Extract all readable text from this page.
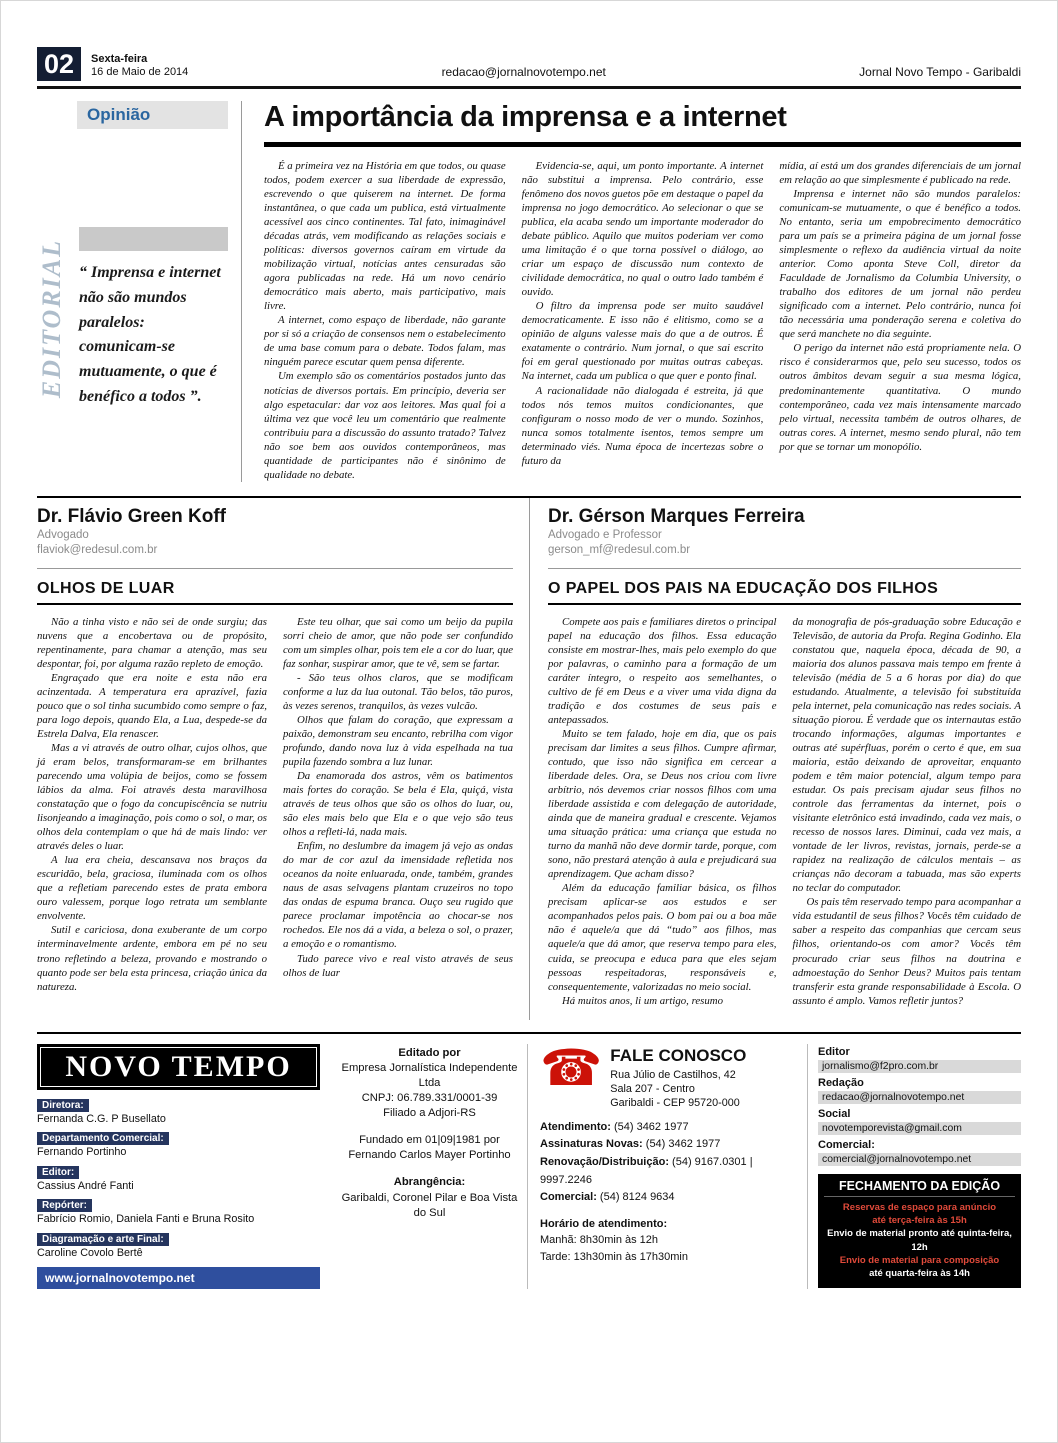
02	Sexta-feira
16 de Maio de 2014	redacao@jornalnovotempo.net	Jornal Novo Tempo - Garibaldi
Opinião
EDITORIAL “ Imprensa e internet não são mundos paralelos: comunicam-se mutuamente, o que é benéfico a todos ”.
A importância da imprensa e a internet

É a primeira vez na História em que todos, ou quase todos, podem exercer a sua liberdade de expressão, escrevendo o que quiserem na internet. De forma instantânea, o que cada um publica, está virtualmente acessível aos cinco continentes. Tal fato, inimaginável décadas atrás, vem modificando as relações sociais e políticas: diversos governos caíram em virtude da mobilização virtual, notícias antes censuradas são agora publicadas na rede. Há um novo cenário democrático mais aberto, mais participativo, mais livre.

A internet, como espaço de liberdade, não garante por si só a criação de consensos nem o estabelecimento de uma base comum para o debate. Todos falam, mas ninguém parece escutar quem pensa diferente.

Um exemplo são os comentários postados junto das notícias de diversos portais. Em princípio, deveria ser algo espetacular: dar voz aos leitores. Mas qual foi a última vez que você leu um comentário que realmente contribuiu para a discussão do assunto tratado? Talvez não soe bem aos ouvidos contemporâneos, mas quantidade de participantes não é sinônimo de qualidade no debate.

Evidencia-se, aqui, um ponto importante. A internet não substitui a imprensa. Pelo contrário, esse fenômeno dos novos guetos põe em destaque o papel da imprensa no jogo democrático. Ao selecionar o que se publica, ela acaba sendo um importante moderador do debate público. Aquilo que muitos poderiam ver como uma limitação é o que torna possível o diálogo, ao criar um espaço de discussão num contexto de civilidade democrática, no qual o outro lado também é ouvido.

O filtro da imprensa pode ser muito saudável democraticamente. E isso não é elitismo, como se a opinião de alguns valesse mais do que a de outros. É exatamente o contrário. Num jornal, o que sai escrito foi em geral questionado por muitas outras cabeças. Na internet, cada um publica o que quer e ponto final.

A racionalidade não dialogada é estreita, já que todos nós temos muitos condicionantes, que configuram o nosso modo de ver o mundo. Sozinhos, nunca somos totalmente isentos, temos sempre um determinado viés. Numa época de incertezas sobre o futuro da

mídia, aí está um dos grandes diferenciais de um jornal em relação ao que simplesmente é publicado na rede.

Imprensa e internet não são mundos paralelos: comunicam-se mutuamente, o que é benéfico a todos. No entanto, seria um empobrecimento democrático para um país se a primeira página de um jornal fosse simplesmente o reflexo da audiência virtual da noite anterior. Como aponta Steve Coll, diretor da Faculdade de Jornalismo da Columbia University, o trabalho dos editores de um jornal não perdeu significado com a internet. Pelo contrário, nunca foi tão necessária uma ponderação serena e coletiva do que será manchete no dia seguinte.

O perigo da internet não está propriamente nela. O risco é considerarmos que, pelo seu sucesso, todos os outros âmbitos devam seguir a sua mesma lógica, predominantemente quantitativa. O mundo contemporâneo, cada vez mais intensamente marcado pelo virtual, necessita também de outros olhares, de outras cores. A internet, mesmo sendo plural, não tem por que se tornar um monopólio.

Dr. Flávio Green Koff
Advogado
flaviok@redesul.com.br
OLHOS DE LUAR

Não a tinha visto e não sei de onde surgiu; das nuvens que a encobertava ou de propósito, repentinamente, para chamar a atenção, mas seu despontar, foi, por alguma razão repleto de emoção.

Engraçado que era noite e esta não era acinzentada. A temperatura era aprazível, fazia pouco que o sol tinha sucumbido como sempre o faz, para logo depois, quando Ela, a Lua, despede-se da Estrela Dalva, Ela renascer.

Mas a vi através de outro olhar, cujos olhos, que já eram belos, transformaram-se em brilhantes parecendo uma volúpia de beijos, como se fossem lábios da alma. Foi através desta maravilhosa constatação que o fogo da concupiscência se nutriu lisonjeando a imaginação, pois como o sol, o mar, os olhos dela contemplam o que há de mais lindo: ver através deles o luar.

A lua era cheia, descansava nos braços da escuridão, bela, graciosa, iluminada com os olhos que a refletiam parecendo estes de prata embora ouro valessem, porque logo retrata um semblante envolvente.

Sutil e cariciosa, dona exuberante de um corpo interminavelmente ardente, embora em pé no seu trono refletindo a beleza, provando e mostrando o quanto pode ser bela esta princesa, criação única da natureza.

Este teu olhar, que sai como um beijo da pupila sorri cheio de amor, que não pode ser confundido com um simples olhar, pois tem ele a cor do luar, que faz sonhar, suspirar amor, que te vê, sem se fartar.

- São teus olhos claros, que se modificam conforme a luz da lua outonal. Tão belos, tão puros, às vezes serenos, tranquilos, às vezes vulcão.

Olhos que falam do coração, que expressam a paixão, demonstram seu encanto, rebrilha com vigor profundo, dando nova luz à vida espelhada na tua pupila fazendo sombra a luz lunar.

Da enamorada dos astros, vêm os batimentos mais fortes do coração. Se bela é Ela, quiçá, vista através de teus olhos que são os olhos do luar, ou, são eles mais belo que Ela e o que vejo são teus olhos a refleti-lá, nada mais.

Enfim, no deslumbre da imagem já vejo as ondas do mar de cor azul da imensidade refletida nos oceanos da noite enluarada, onde, também, grandes naus de asas selvagens plantam cruzeiros no topo das ondas de espuma branca. Ouço seu rugido que parece proclamar impotência ao chocar-se nos rochedos. Ele nos dá a vida, a beleza o sol, o prazer, a emoção e o romantismo.

Tudo parece vivo e real visto através de seus olhos de luar

Dr. Gérson Marques Ferreira
Advogado e Professor
gerson_mf@redesul.com.br
O PAPEL DOS PAIS NA EDUCAÇÃO DOS FILHOS

Compete aos pais e familiares diretos o principal papel na educação dos filhos. Essa educação consiste em mostrar-lhes, mais pelo exemplo do que por palavras, o caminho para a formação de um caráter íntegro, o respeito aos semelhantes, o cultivo de fé em Deus e a viver uma vida digna da tradição e dos costumes de seus pais e antepassados.

Muito se tem falado, hoje em dia, que os pais precisam dar limites a seus filhos. Cumpre afirmar, contudo, que isso não significa em cercear a liberdade deles. Ora, se Deus nos criou com livre arbítrio, nós devemos criar nossos filhos com uma liberdade assistida e com delegação de autoridade, ainda que de maneira gradual e crescente. Vejamos uma situação prática: uma criança que estuda no turno da manhã não deve dormir tarde, porque, com sono, não prestará atenção à aula e prejudicará sua aprendizagem. Que acham disso?

Além da educação familiar básica, os filhos precisam aplicar-se aos estudos e ser acompanhados pelos pais. O bom pai ou a boa mãe não é aquele/a que dá “tudo” aos filhos, mas aquele/a que dá amor, que reserva tempo para eles, cuida, se preocupa e educa para que eles sejam pessoas respeitadoras, responsáveis e, consequentemente, valorizadas no meio social.

Há muitos anos, li um artigo, resumo

da monografia de pós-graduação sobre Educação e Televisão, de autoria da Profa. Regina Godinho. Ela constatou que, naquela época, década de 90, a maioria dos alunos passava mais tempo em frente à televisão (média de 5 a 6 horas por dia) do que estudando. Atualmente, a televisão foi substituída pela internet, pela comunicação nas redes sociais. A situação piorou. É verdade que os internautas estão trocando informações, algumas importantes e outras até supérfluas, porém o certo é que, em sua maioria, estão deixando de aproveitar, enquanto podem e têm maior potencial, algum tempo para estudar. Os pais precisam ajudar seus filhos no controle das ferramentas da internet, pois o visitante eletrônico está invadindo, cada vez mais, o recesso de nossos lares. Diminui, cada vez mais, a vontade de ler livros, revistas, jornais, perde-se a rapidez na realização de cálculos mentais – as crianças não decoram a tabuada, mas são experts no teclar do computador.

Os pais têm reservado tempo para acompanhar a vida estudantil de seus filhos? Vocês têm cuidado de saber a respeito das companhias que cercam seus filhos, orientando-os com amor? Vocês têm procurado criar seus filhos na doutrina e admoestação do Senhor Deus? Muitos pais tentam transferir esta grande responsabilidade à Escola. O assunto é amplo. Vamos refletir juntos?

NOVO TEMPO
Diretora:
Fernanda C.G. P Busellato
Departamento Comercial:
Fernando Portinho
Editor:
Cassius André Fanti
Repórter:
Fabrício Romio, Daniela Fanti e Bruna Rosito
Diagramação e arte Final:
Caroline Covolo Bertê
www.jornalnovotempo.net
Editado por
Empresa Jornalística Independente Ltda
CNPJ: 06.789.331/0001-39
Filiado a Adjori-RS
Fundado em 01|09|1981 por Fernando Carlos Mayer Portinho
Abrangência:
Garibaldi, Coronel Pilar e Boa Vista do Sul
☎ FALE CONOSCO
Rua Júlio de Castilhos, 42
Sala 207 - Centro
Garibaldi - CEP 95720-000
Atendimento: (54) 3462 1977
Assinaturas Novas: (54) 3462 1977
Renovação/Distribuição: (54) 9167.0301 | 9997.2246
Comercial: (54) 8124 9634
Horário de atendimento:
Manhã: 8h30min às 12h
Tarde: 13h30min às 17h30min
Editor
jornalismo@f2pro.com.br
Redação
redacao@jornalnovotempo.net
Social
novotemporevista@gmail.com
Comercial:
comercial@jornalnovotempo.net
FECHAMENTO DA EDIÇÃO
Reservas de espaço para anúncio
até terça-feira às 15h
Envio de material pronto até quinta-feira, 12h
Envio de material para composição
até quarta-feira às 14h
